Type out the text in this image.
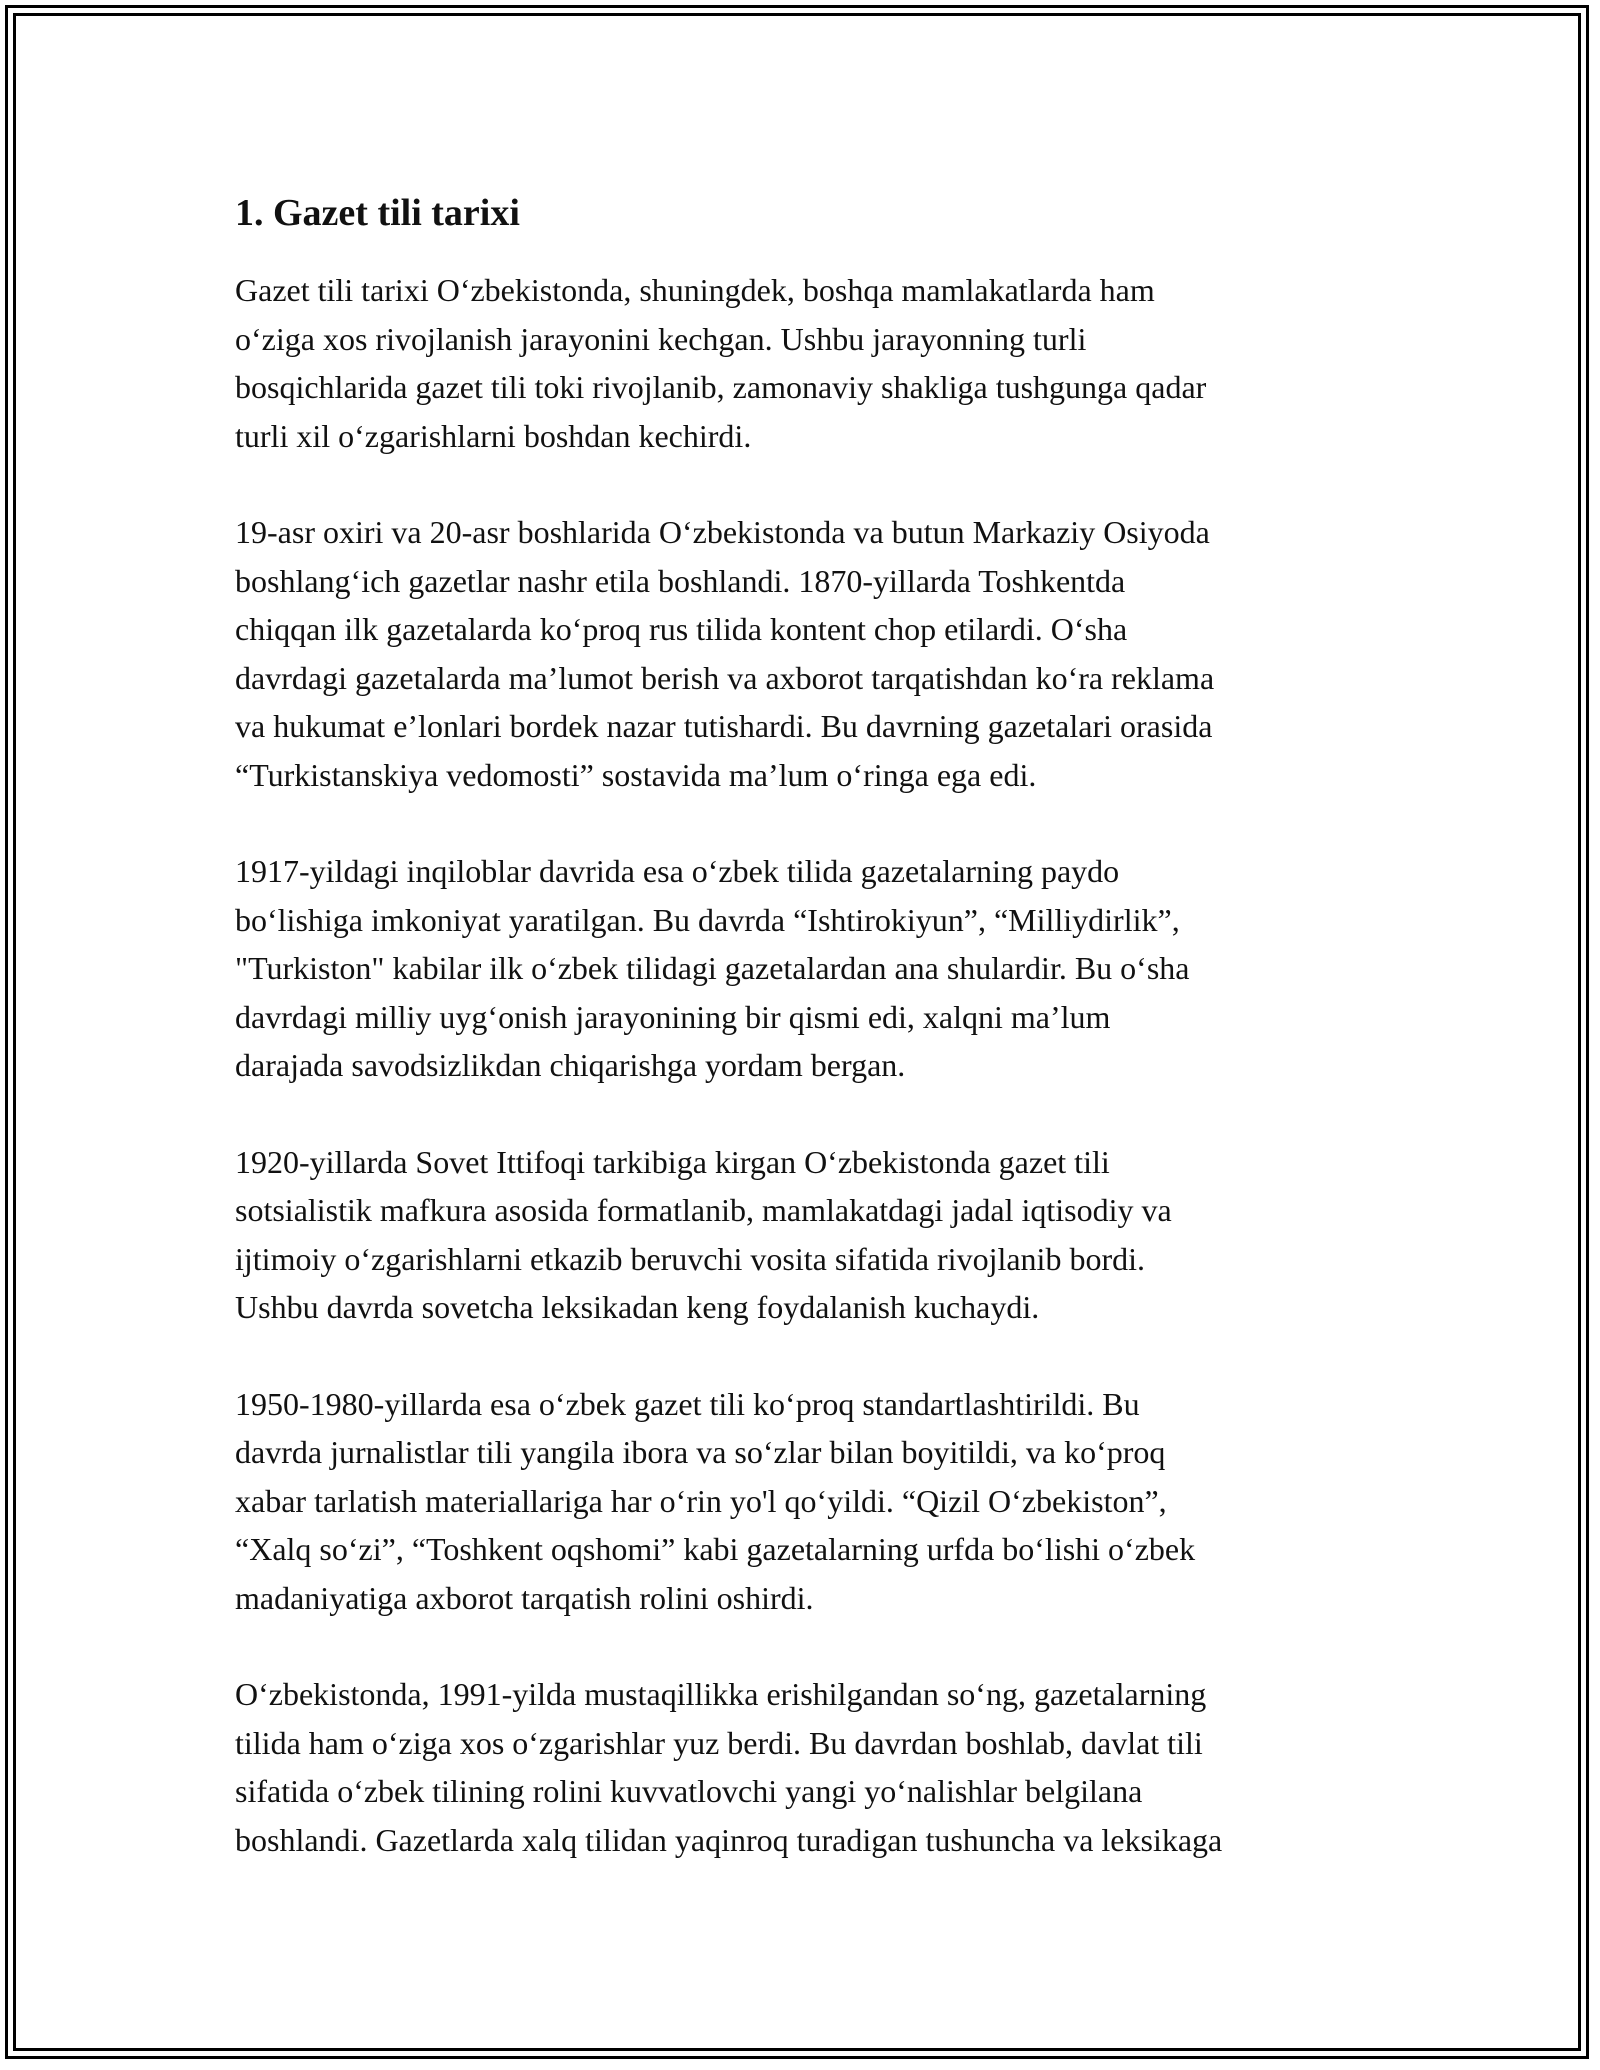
1. Gazet tili tarixi

Gazet tili tarixi O‘zbekistonda, shuningdek, boshqa mamlakatlarda ham
o‘ziga xos rivojlanish jarayonini kechgan. Ushbu jarayonning turli
bosqichlarida gazet tili toki rivojlanib, zamonaviy shakliga tushgunga qadar
turli xil o‘zgarishlarni boshdan kechirdi.

19-asr oxiri va 20-asr boshlarida O‘zbekistonda va butun Markaziy Osiyoda
boshlang‘ich gazetlar nashr etila boshlandi. 1870-yillarda Toshkentda
chiqqan ilk gazetalarda ko‘proq rus tilida kontent chop etilardi. O‘sha
davrdagi gazetalarda ma’lumot berish va axborot tarqatishdan ko‘ra reklama
va hukumat e’lonlari bordek nazar tutishardi. Bu davrning gazetalari orasida
“Turkistanskiya vedomosti” sostavida ma’lum o‘ringa ega edi.

1917-yildagi inqiloblar davrida esa o‘zbek tilida gazetalarning paydo
bo‘lishiga imkoniyat yaratilgan. Bu davrda “Ishtirokiyun”, “Milliydirlik”,
"Turkiston" kabilar ilk o‘zbek tilidagi gazetalardan ana shulardir. Bu o‘sha
davrdagi milliy uyg‘onish jarayonining bir qismi edi, xalqni ma’lum
darajada savodsizlikdan chiqarishga yordam bergan.

1920-yillarda Sovet Ittifoqi tarkibiga kirgan O‘zbekistonda gazet tili
sotsialistik mafkura asosida formatlanib, mamlakatdagi jadal iqtisodiy va
ijtimoiy o‘zgarishlarni etkazib beruvchi vosita sifatida rivojlanib bordi.
Ushbu davrda sovetcha leksikadan keng foydalanish kuchaydi.

1950-1980-yillarda esa o‘zbek gazet tili ko‘proq standartlashtirildi. Bu
davrda jurnalistlar tili yangila ibora va so‘zlar bilan boyitildi, va ko‘proq
xabar tarlatish materiallariga har o‘rin yo'l qo‘yildi. “Qizil O‘zbekiston”,
“Xalq so‘zi”, “Toshkent oqshomi” kabi gazetalarning urfda bo‘lishi o‘zbek
madaniyatiga axborot tarqatish rolini oshirdi.

O‘zbekistonda, 1991-yilda mustaqillikka erishilgandan so‘ng, gazetalarning
tilida ham o‘ziga xos o‘zgarishlar yuz berdi. Bu davrdan boshlab, davlat tili
sifatida o‘zbek tilining rolini kuvvatlovchi yangi yo‘nalishlar belgilana
boshlandi. Gazetlarda xalq tilidan yaqinroq turadigan tushuncha va leksikaga
